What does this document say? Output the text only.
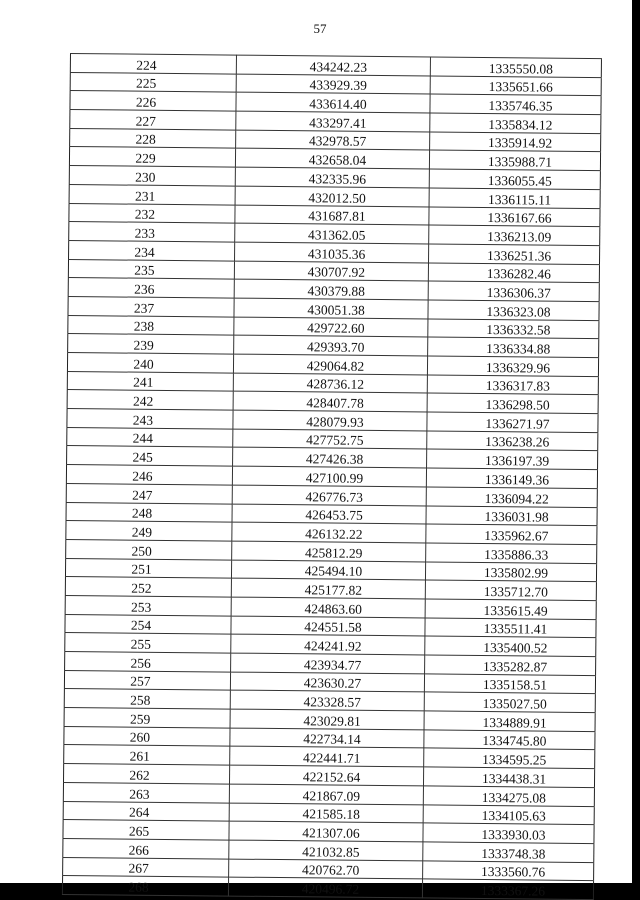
57
224	434242.23	1335550.08
225	433929.39	1335651.66
226	433614.40	1335746.35
227	433297.41	1335834.12
228	432978.57	1335914.92
229	432658.04	1335988.71
230	432335.96	1336055.45
231	432012.50	1336115.11
232	431687.81	1336167.66
233	431362.05	1336213.09
234	431035.36	1336251.36
235	430707.92	1336282.46
236	430379.88	1336306.37
237	430051.38	1336323.08
238	429722.60	1336332.58
239	429393.70	1336334.88
240	429064.82	1336329.96
241	428736.12	1336317.83
242	428407.78	1336298.50
243	428079.93	1336271.97
244	427752.75	1336238.26
245	427426.38	1336197.39
246	427100.99	1336149.36
247	426776.73	1336094.22
248	426453.75	1336031.98
249	426132.22	1335962.67
250	425812.29	1335886.33
251	425494.10	1335802.99
252	425177.82	1335712.70
253	424863.60	1335615.49
254	424551.58	1335511.41
255	424241.92	1335400.52
256	423934.77	1335282.87
257	423630.27	1335158.51
258	423328.57	1335027.50
259	423029.81	1334889.91
260	422734.14	1334745.80
261	422441.71	1334595.25
262	422152.64	1334438.31
263	421867.09	1334275.08
264	421585.18	1334105.63
265	421307.06	1333930.03
266	421032.85	1333748.38
267	420762.70	1333560.76
268	420496.72	1333367.26
